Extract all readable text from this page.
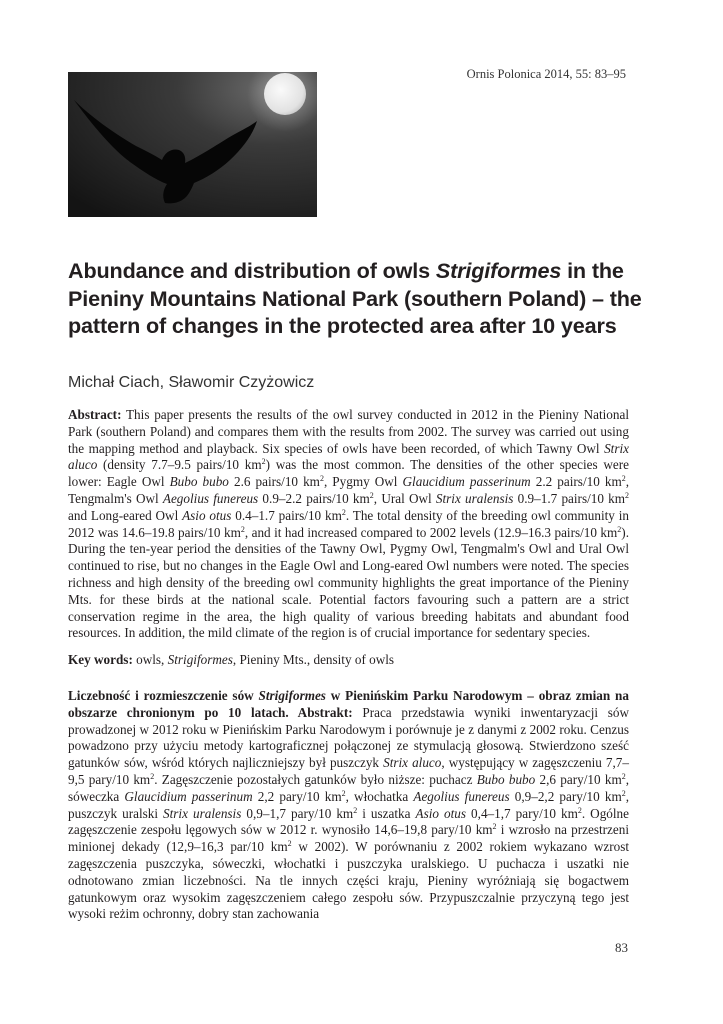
Ornis Polonica 2014, 55: 83–95
Abundance and distribution of owls Strigiformes in the Pieniny Mountains National Park (southern Poland) – the pattern of changes in the protected area after 10 years
Michał Ciach, Sławomir Czyżowicz

Abstract: This paper presents the results of the owl survey conducted in 2012 in the Pieniny National Park (southern Poland) and compares them with the results from 2002. The survey was carried out using the mapping method and playback. Six species of owls have been recorded, of which Tawny Owl Strix aluco (density 7.7–9.5 pairs/10 $km^2$) was the most common. The densities of the other species were lower: Eagle Owl Bubo bubo 2.6 pairs/10 $km^2$, Pygmy Owl Glaucidium passerinum 2.2 pairs/10 $km^2$, Tengmalm's Owl Aegolius funereus 0.9–2.2 pairs/10 $km^2$, Ural Owl Strix uralensis 0.9–1.7 pairs/10 $km^2$ and Long-eared Owl Asio otus 0.4–1.7 pairs/10 $km^2$. The total density of the breeding owl community in 2012 was 14.6–19.8 pairs/10 $km^2$, and it had increased compared to 2002 levels (12.9–16.3 pairs/10 $km^2$). During the ten-year period the densities of the Tawny Owl, Pygmy Owl, Tengmalm's Owl and Ural Owl continued to rise, but no changes in the Eagle Owl and Long-eared Owl numbers were noted. The species richness and high density of the breeding owl community highlights the great importance of the Pieniny Mts. for these birds at the national scale. Potential factors favouring such a pattern are a strict conservation regime in the area, the high quality of various breeding habitats and abundant food resources. In addition, the mild climate of the region is of crucial importance for sedentary species.

Key words: owls, Strigiformes, Pieniny Mts., density of owls

Liczebność i rozmieszczenie sów Strigiformes w Pienińskim Parku Narodowym – obraz zmian na obszarze chronionym po 10 latach. Abstrakt: Praca przedstawia wyniki inwentaryzacji sów prowadzonej w 2012 roku w Pienińskim Parku Narodowym i porównuje je z danymi z 2002 roku. Cenzus powadzono przy użyciu metody kartograficznej połączonej ze stymulacją głosową. Stwierdzono sześć gatunków sów, wśród których najliczniejszy był puszczyk Strix aluco, występujący w zagęszczeniu 7,7–9,5 pary/10 $km^2$. Zagęszczenie pozostałych gatunków było niższe: puchacz Bubo bubo 2,6 pary/10 $km^2$, sóweczka Glaucidium passerinum 2,2 pary/10 $km^2$, włochatka Aegolius funereus 0,9–2,2 pary/10 $km^2$, puszczyk uralski Strix uralensis 0,9–1,7 pary/10 $km^2$ i uszatka Asio otus 0,4–1,7 pary/10 $km^2$. Ogólne zagęszczenie zespołu lęgowych sów w 2012 r. wynosiło 14,6–19,8 pary/10 $km^2$ i wzrosło na przestrzeni minionej dekady (12,9–16,3 par/10 $km^2$ w 2002). W porównaniu z 2002 rokiem wykazano wzrost zagęszczenia puszczyka, sóweczki, włochatki i puszczyka uralskiego. U puchacza i uszatki nie odnotowano zmian liczebności. Na tle innych części kraju, Pieniny wyróżniają się bogactwem gatunkowym oraz wysokim zagęszczeniem całego zespołu sów. Przypuszczalnie przyczyną tego jest wysoki reżim ochronny, dobry stan zachowania

83
